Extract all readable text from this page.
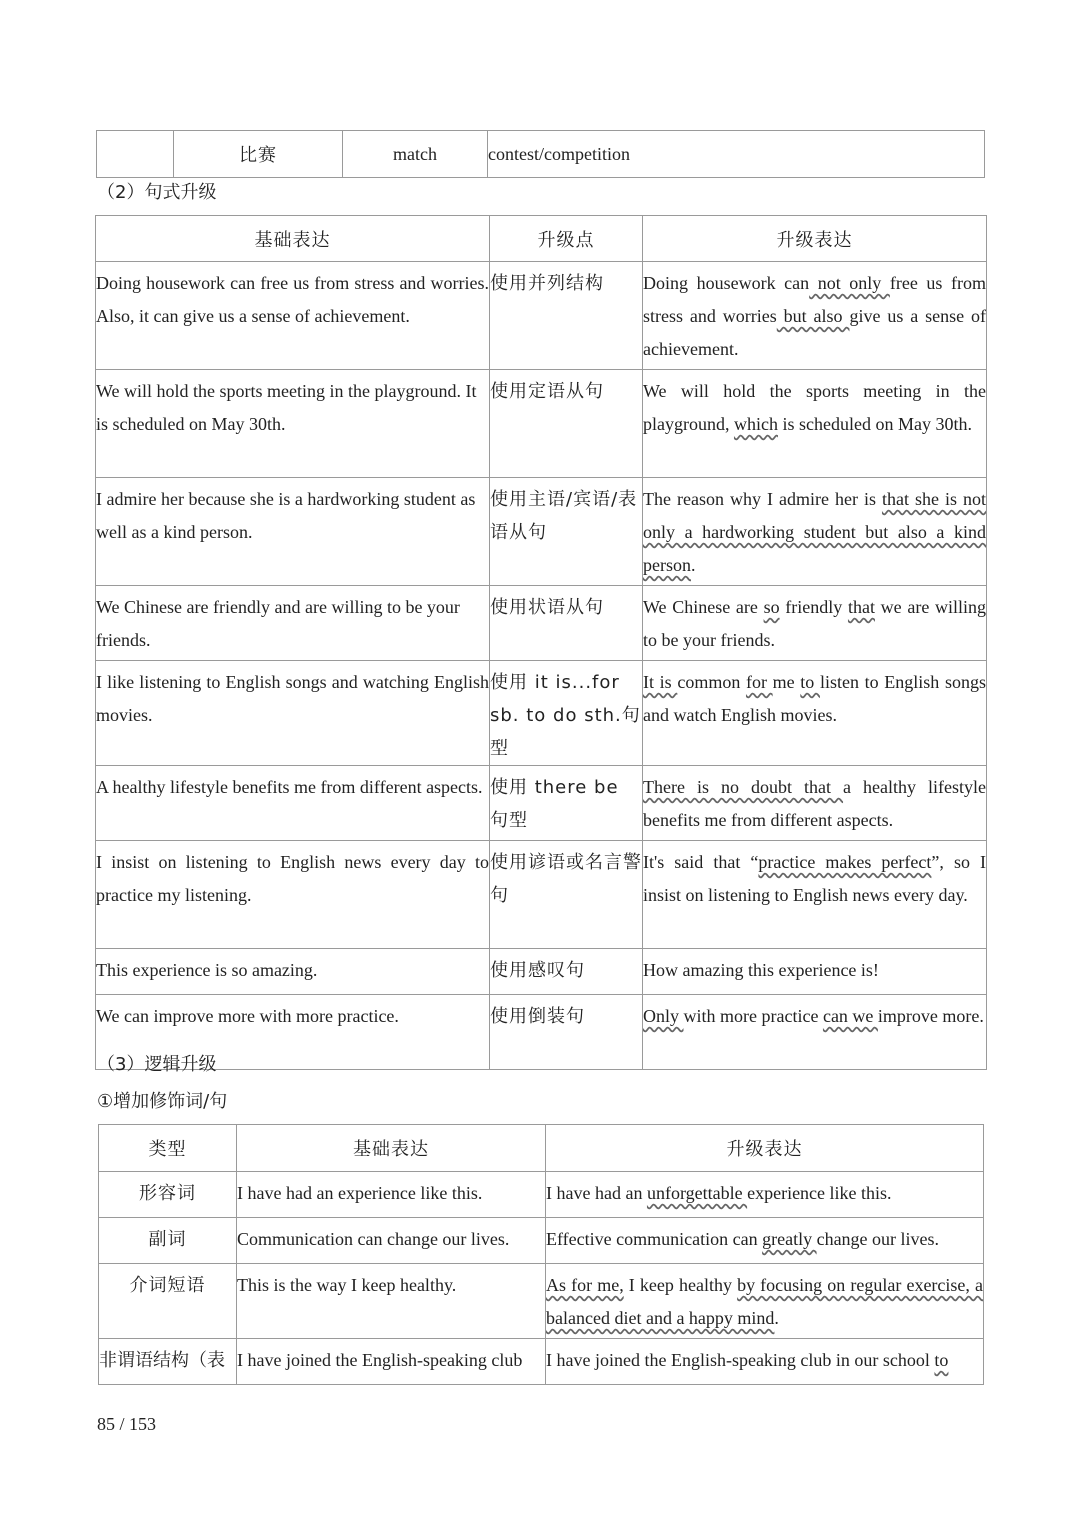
	比赛	match	contest/competition
（2）句式升级
基础表达	升级点	升级表达
Doing housework can free us from stress and worries. Also, it can give us a sense of achievement.	使用并列结构	Doing housework can not only free us from stress and worries but also give us a sense of achievement.
We will hold the sports meeting in the playground. It is scheduled on May 30th.	使用定语从句	We will hold the sports meeting in the playground, which is scheduled on May 30th.
I admire her because she is a hardworking student as well as a kind person.	使用主语/宾语/表语从句	The reason why I admire her is that she is not only a hardworking student but also a kind person.
We Chinese are friendly and are willing to be your friends.	使用状语从句	We Chinese are so friendly that we are willing to be your friends.
I like listening to English songs and watching English movies.	使用 it is...for sb. to do sth.句型	It is common for me to listen to English songs and watch English movies.
A healthy lifestyle benefits me from different aspects.	使用 there be 句型	There is no doubt that a healthy lifestyle benefits me from different aspects.
I insist on listening to English news every day to practice my listening.	使用谚语或名言警句	It's said that “practice makes perfect”, so I insist on listening to English news every day.
This experience is so amazing.	使用感叹句	How amazing this experience is!
We can improve more with more practice.	使用倒装句	Only with more practice can we improve more.
（3）逻辑升级
①增加修饰词/句
类型	基础表达	升级表达
形容词	I have had an experience like this.	I have had an unforgettable experience like this.
副词	Communication can change our lives.	Effective communication can greatly change our lives.
介词短语	This is the way I keep healthy.	As for me, I keep healthy by focusing on regular exercise, a balanced diet and a happy mind.
非谓语结构（表	I have joined the English-speaking club	I have joined the English-speaking club in our school to
85 / 153
